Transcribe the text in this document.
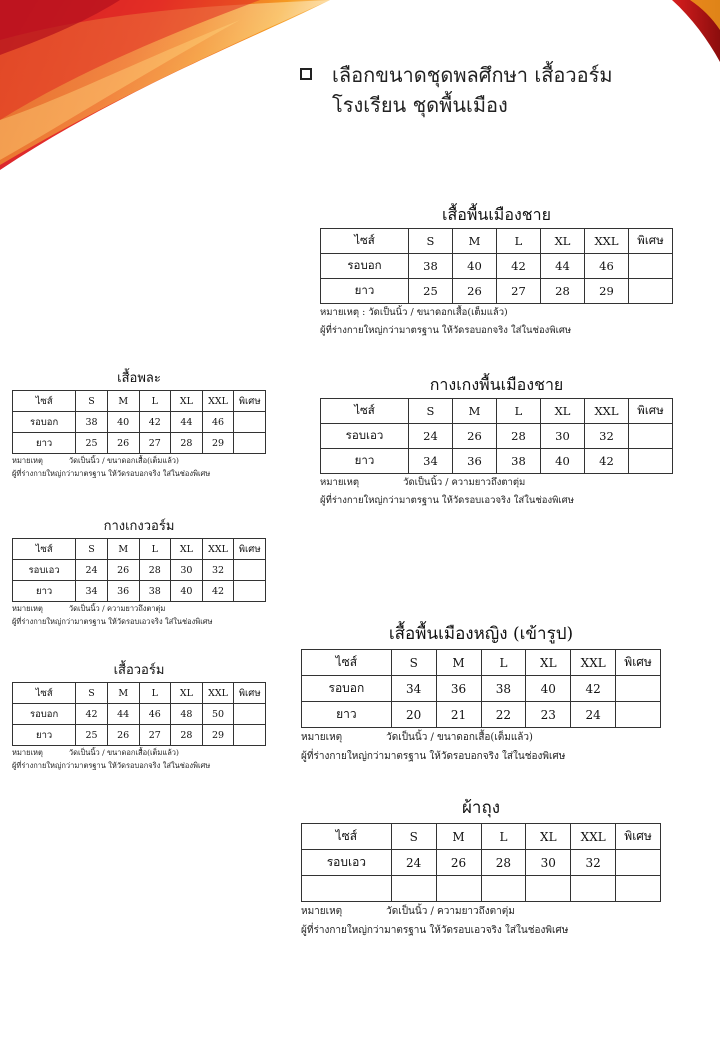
เลือกขนาดชุดพลศึกษา เสื้อวอร์ม
โรงเรียน ชุดพื้นเมือง
เสื้อพื้นเมืองชาย
ไซส์	S	M	L	XL	XXL	พิเศษ
รอบอก	38	40	42	44	46	
ยาว	25	26	27	28	29	
หมายเหตุ : วัดเป็นนิ้ว / ขนาดอกเสื้อ(เต็มแล้ว)
ผู้ที่ร่างกายใหญ่กว่ามาตรฐาน ให้วัดรอบอกจริง ใส่ในช่องพิเศษ
กางเกงพื้นเมืองชาย
ไซส์	S	M	L	XL	XXL	พิเศษ
รอบเอว	24	26	28	30	32	
ยาว	34	36	38	40	42	
หมายเหตุ	วัดเป็นนิ้ว / ความยาวถึงตาตุ่ม
ผู้ที่ร่างกายใหญ่กว่ามาตรฐาน ให้วัดรอบเอวจริง ใส่ในช่องพิเศษ
เสื้อพละ
ไซส์	S	M	L	XL	XXL	พิเศษ
รอบอก	38	40	42	44	46	
ยาว	25	26	27	28	29	
หมายเหตุ	วัดเป็นนิ้ว / ขนาดอกเสื้อ(เต็มแล้ว)
ผู้ที่ร่างกายใหญ่กว่ามาตรฐาน ให้วัดรอบอกจริง ใส่ในช่องพิเศษ
กางเกงวอร์ม
ไซส์	S	M	L	XL	XXL	พิเศษ
รอบเอว	24	26	28	30	32	
ยาว	34	36	38	40	42	
หมายเหตุ	วัดเป็นนิ้ว / ความยาวถึงตาตุ่ม
ผู้ที่ร่างกายใหญ่กว่ามาตรฐาน ให้วัดรอบเอวจริง ใส่ในช่องพิเศษ
เสื้อวอร์ม
ไซส์	S	M	L	XL	XXL	พิเศษ
รอบอก	42	44	46	48	50	
ยาว	25	26	27	28	29	
หมายเหตุ	วัดเป็นนิ้ว / ขนาดอกเสื้อ(เต็มแล้ว)
ผู้ที่ร่างกายใหญ่กว่ามาตรฐาน ให้วัดรอบอกจริง ใส่ในช่องพิเศษ
เสื้อพื้นเมืองหญิง (เข้ารูป)
ไซส์	S	M	L	XL	XXL	พิเศษ
รอบอก	34	36	38	40	42	
ยาว	20	21	22	23	24	
หมายเหตุ	วัดเป็นนิ้ว / ขนาดอกเสื้อ(เต็มแล้ว)
ผู้ที่ร่างกายใหญ่กว่ามาตรฐาน ให้วัดรอบอกจริง ใส่ในช่องพิเศษ
ผ้าถุง
ไซส์	S	M	L	XL	XXL	พิเศษ
รอบเอว	24	26	28	30	32	

หมายเหตุ	วัดเป็นนิ้ว / ความยาวถึงตาตุ่ม
ผู้ที่ร่างกายใหญ่กว่ามาตรฐาน ให้วัดรอบเอวจริง ใส่ในช่องพิเศษ
